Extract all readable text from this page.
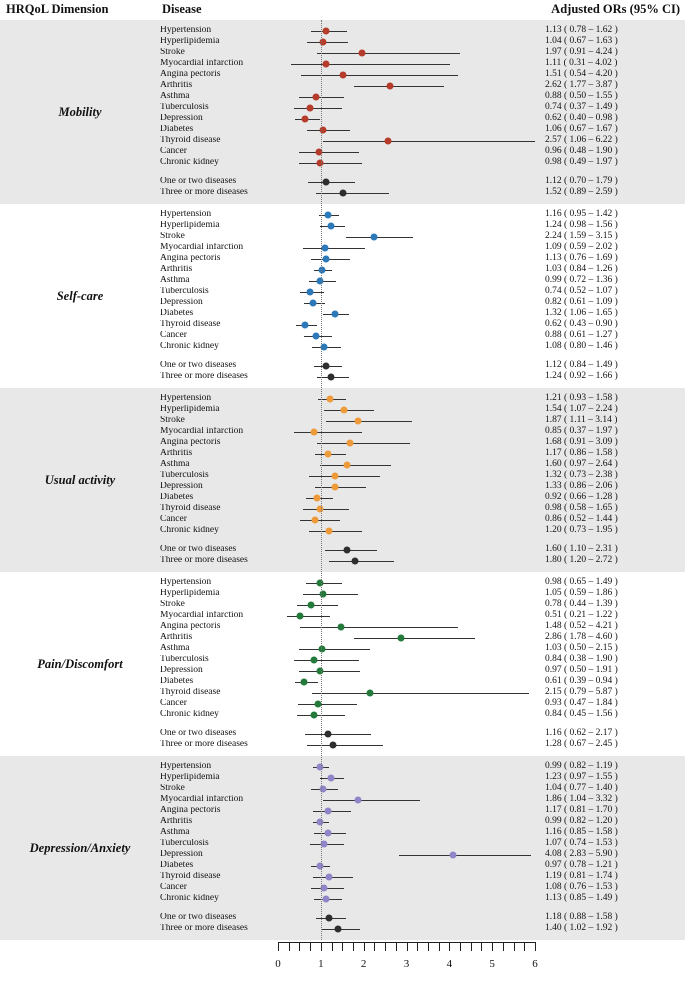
HRQoL Dimension	Disease	Adjusted ORs (95% CI)
Mobility
Hypertension	1.13 ( 0.78 – 1.62 )
Hyperlipidemia	1.04 ( 0.67 – 1.63 )
Stroke	1.97 ( 0.91 – 4.24 )
Myocardial infarction	1.11 ( 0.31 – 4.02 )
Angina pectoris	1.51 ( 0.54 – 4.20 )
Arthritis	2.62 ( 1.77 – 3.87 )
Asthma	0.88 ( 0.50 – 1.55 )
Tuberculosis	0.74 ( 0.37 – 1.49 )
Depression	0.62 ( 0.40 – 0.98 )
Diabetes	1.06 ( 0.67 – 1.67 )
Thyroid disease	2.57 ( 1.06 – 6.22 )
Cancer	0.96 ( 0.48 – 1.90 )
Chronic kidney	0.98 ( 0.49 – 1.97 )
One or two diseases	1.12 ( 0.70 – 1.79 )
Three or more diseases	1.52 ( 0.89 – 2.59 )
Self-care
Hypertension	1.16 ( 0.95 – 1.42 )
Hyperlipidemia	1.24 ( 0.98 – 1.56 )
Stroke	2.24 ( 1.59 – 3.15 )
Myocardial infarction	1.09 ( 0.59 – 2.02 )
Angina pectoris	1.13 ( 0.76 – 1.69 )
Arthritis	1.03 ( 0.84 – 1.26 )
Asthma	0.99 ( 0.72 – 1.36 )
Tuberculosis	0.74 ( 0.52 – 1.07 )
Depression	0.82 ( 0.61 – 1.09 )
Diabetes	1.32 ( 1.06 – 1.65 )
Thyroid disease	0.62 ( 0.43 – 0.90 )
Cancer	0.88 ( 0.61 – 1.27 )
Chronic kidney	1.08 ( 0.80 – 1.46 )
One or two diseases	1.12 ( 0.84 – 1.49 )
Three or more diseases	1.24 ( 0.92 – 1.66 )
Usual activity
Hypertension	1.21 ( 0.93 – 1.58 )
Hyperlipidemia	1.54 ( 1.07 – 2.24 )
Stroke	1.87 ( 1.11 – 3.14 )
Myocardial infarction	0.85 ( 0.37 – 1.97 )
Angina pectoris	1.68 ( 0.91 – 3.09 )
Arthritis	1.17 ( 0.86 – 1.58 )
Asthma	1.60 ( 0.97 – 2.64 )
Tuberculosis	1.32 ( 0.73 – 2.38 )
Depression	1.33 ( 0.86 – 2.06 )
Diabetes	0.92 ( 0.66 – 1.28 )
Thyroid disease	0.98 ( 0.58 – 1.65 )
Cancer	0.86 ( 0.52 – 1.44 )
Chronic kidney	1.20 ( 0.73 – 1.95 )
One or two diseases	1.60 ( 1.10 – 2.31 )
Three or more diseases	1.80 ( 1.20 – 2.72 )
Pain/Discomfort
Hypertension	0.98 ( 0.65 – 1.49 )
Hyperlipidemia	1.05 ( 0.59 – 1.86 )
Stroke	0.78 ( 0.44 – 1.39 )
Myocardial infarction	0.51 ( 0.21 – 1.22 )
Angina pectoris	1.48 ( 0.52 – 4.21 )
Arthritis	2.86 ( 1.78 – 4.60 )
Asthma	1.03 ( 0.50 – 2.15 )
Tuberculosis	0.84 ( 0.38 – 1.90 )
Depression	0.97 ( 0.50 – 1.91 )
Diabetes	0.61 ( 0.39 – 0.94 )
Thyroid disease	2.15 ( 0.79 – 5.87 )
Cancer	0.93 ( 0.47 – 1.84 )
Chronic kidney	0.84 ( 0.45 – 1.56 )
One or two diseases	1.16 ( 0.62 – 2.17 )
Three or more diseases	1.28 ( 0.67 – 2.45 )
Depression/Anxiety
Hypertension	0.99 ( 0.82 – 1.19 )
Hyperlipidemia	1.23 ( 0.97 – 1.55 )
Stroke	1.04 ( 0.77 – 1.40 )
Myocardial infarction	1.86 ( 1.04 – 3.32 )
Angina pectoris	1.17 ( 0.81 – 1.70 )
Arthritis	0.99 ( 0.82 – 1.20 )
Asthma	1.16 ( 0.85 – 1.58 )
Tuberculosis	1.07 ( 0.74 – 1.53 )
Depression	4.08 ( 2.83 – 5.90 )
Diabetes	0.97 ( 0.78 – 1.21 )
Thyroid disease	1.19 ( 0.81 – 1.74 )
Cancer	1.08 ( 0.76 – 1.53 )
Chronic kidney	1.13 ( 0.85 – 1.49 )
One or two diseases	1.18 ( 0.88 – 1.58 )
Three or more diseases	1.40 ( 1.02 – 1.92 )
0	1	2	3	4	5	6
